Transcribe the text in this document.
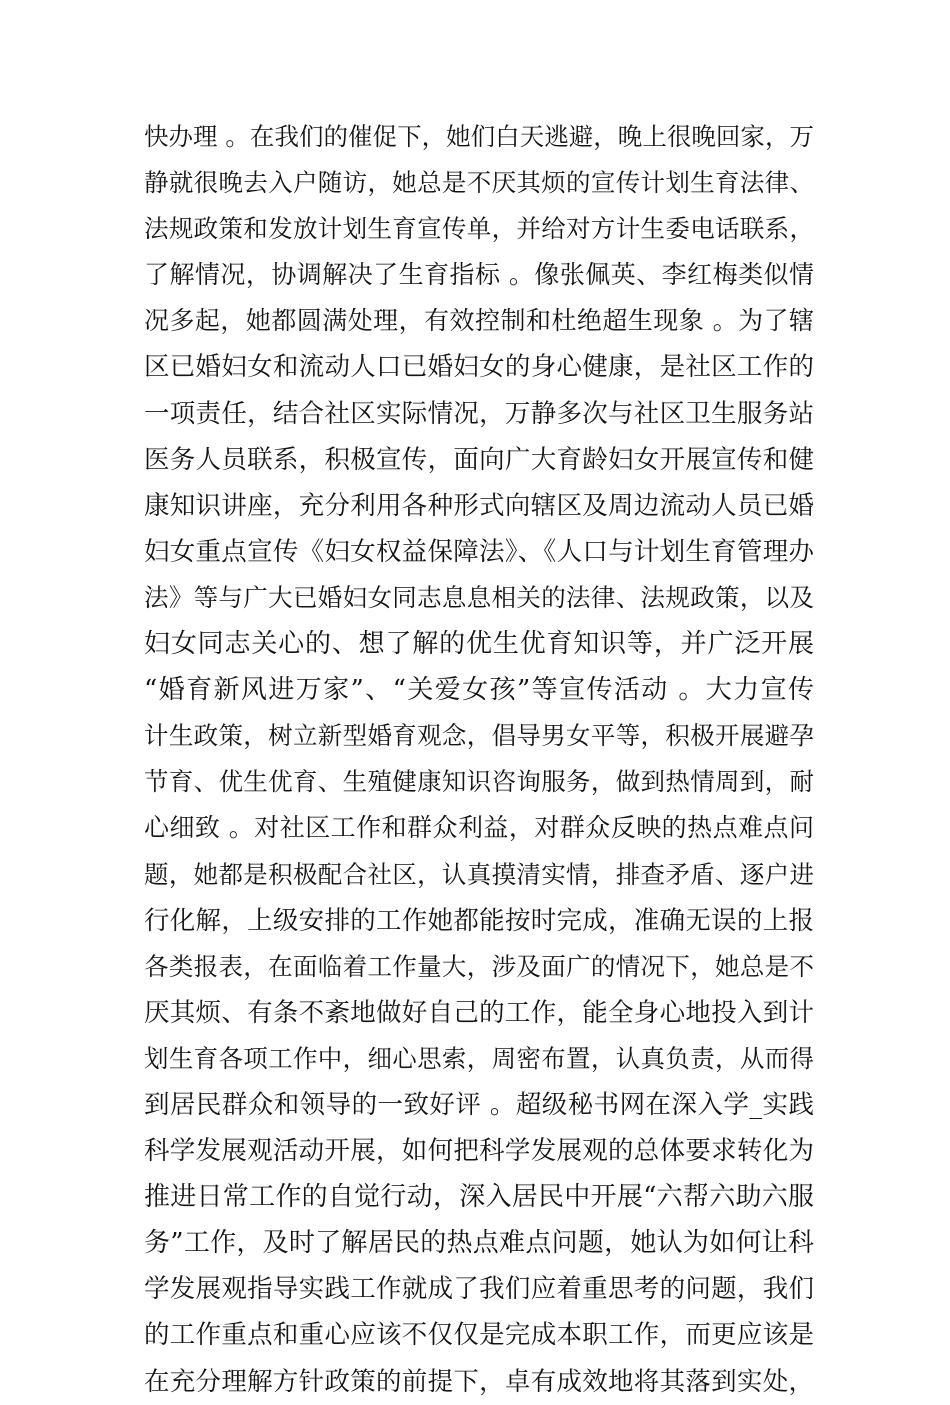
快办理 。在我们的催促下，她们白天逃避，晚上很晚回家，万
静就很晚去入户随访，她总是不厌其烦的宣传计划生育法律、
法规政策和发放计划生育宣传单，并给对方计生委电话联系，
了解情况，协调解决了生育指标 。像张佩英、李红梅类似情
况多起，她都圆满处理，有效控制和杜绝超生现象 。为了辖
区已婚妇女和流动人口已婚妇女的身心健康，是社区工作的
一项责任，结合社区实际情况，万静多次与社区卫生服务站
医务人员联系，积极宣传，面向广大育龄妇女开展宣传和健
康知识讲座，充分利用各种形式向辖区及周边流动人员已婚
妇女重点宣传《妇女权益保障法》、《人口与计划生育管理办
法》等与广大已婚妇女同志息息相关的法律、法规政策，以及
妇女同志关心的、想了解的优生优育知识等，并广泛开展
“婚育新风进万家”、“关爱女孩”等宣传活动 。大力宣传
计生政策，树立新型婚育观念，倡导男女平等，积极开展避孕
节育、优生优育、生殖健康知识咨询服务，做到热情周到，耐
心细致 。对社区工作和群众利益，对群众反映的热点难点问
题，她都是积极配合社区，认真摸清实情，排查矛盾、逐户进
行化解，上级安排的工作她都能按时完成，准确无误的上报
各类报表，在面临着工作量大，涉及面广的情况下，她总是不
厌其烦、有条不紊地做好自己的工作，能全身心地投入到计
划生育各项工作中，细心思索，周密布置，认真负责，从而得
到居民群众和领导的一致好评 。超级秘书网在深入学_实践
科学发展观活动开展，如何把科学发展观的总体要求转化为
推进日常工作的自觉行动，深入居民中开展“六帮六助六服
务”工作，及时了解居民的热点难点问题，她认为如何让科
学发展观指导实践工作就成了我们应着重思考的问题，我们
的工作重点和重心应该不仅仅是完成本职工作，而更应该是
在充分理解方针政策的前提下，卓有成效地将其落到实处，
